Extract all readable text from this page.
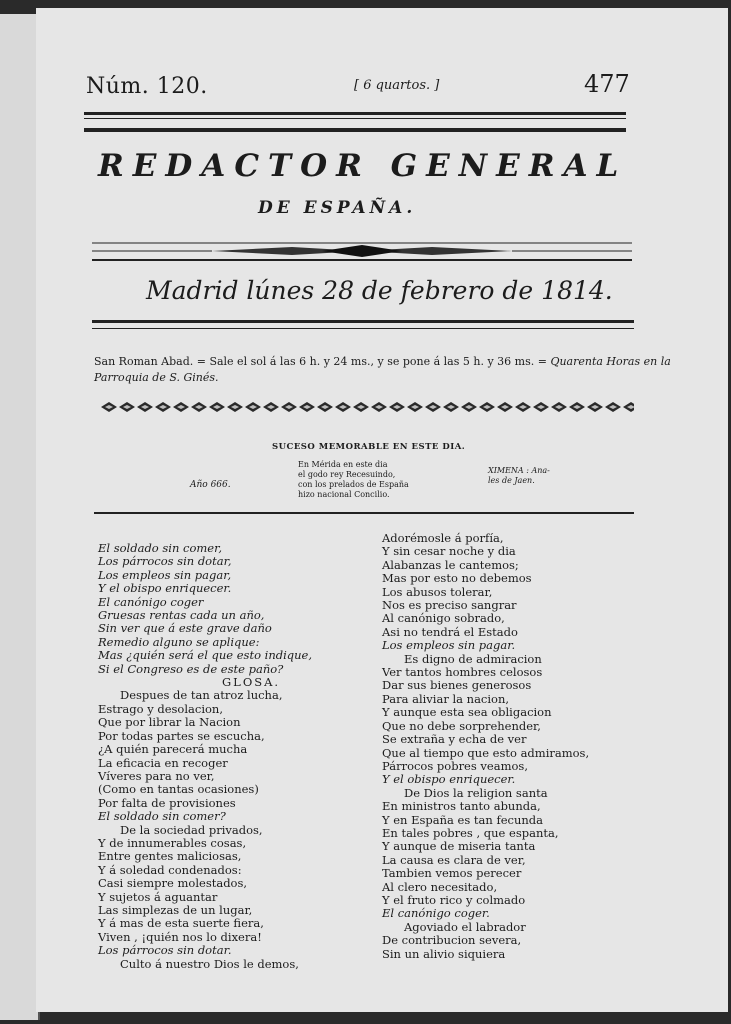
Núm. 120.	[ 6 quartos. ]	477
REDACTOR GENERAL
DE ESPAÑA.
Madrid lúnes 28 de febrero de 1814.
San Roman Abad. = Sale el sol á las 6 h. y 24 ms., y se pone á las 5 h. y 36 ms. = Quarenta Horas en la Parroquia de S. Ginés.
SUCESO MEMORABLE EN ESTE DIA.
Año 666.
En Mérida en este dia
el godo rey Recesuindo,
con los prelados de España
hizo nacional Concilio.
XIMENA : Ana-
les de Jaen.
El soldado sin comer,
Los párrocos sin dotar,
Los empleos sin pagar,
Y el obispo enriquecer.
El canónigo coger
Gruesas rentas cada un año,
Sin ver que á este grave daño
Remedio alguno se aplique:
Mas ¿quién será el que esto indique,
Si el Congreso es de este paño?
GLOSA.
Despues de tan atroz lucha,
Estrago y desolacion,
Que por librar la Nacion
Por todas partes se escucha,
¿A quién parecerá mucha
La eficacia en recoger
Víveres para no ver,
(Como en tantas ocasiones)
Por falta de provisiones
El soldado sin comer?
De la sociedad privados,
Y de innumerables cosas,
Entre gentes maliciosas,
Y á soledad condenados:
Casi siempre molestados,
Y sujetos á aguantar
Las simplezas de un lugar,
Y á mas de esta suerte fiera,
Viven , ¡quién nos lo dixera!
Los párrocos sin dotar.
Culto á nuestro Dios le demos,
Adorémosle á porfía,
Y sin cesar noche y dia
Alabanzas le cantemos;
Mas por esto no debemos
Los abusos tolerar,
Nos es preciso sangrar
Al canónigo sobrado,
Asi no tendrá el Estado
Los empleos sin pagar.
Es digno de admiracion
Ver tantos hombres celosos
Dar sus bienes generosos
Para aliviar la nacion,
Y aunque esta sea obligacion
Que no debe sorprehender,
Se extraña y echa de ver
Que al tiempo que esto admiramos,
Párrocos pobres veamos,
Y el obispo enriquecer.
De Dios la religion santa
En ministros tanto abunda,
Y en España es tan fecunda
En tales pobres , que espanta,
Y aunque de miseria tanta
La causa es clara de ver,
Tambien vemos perecer
Al clero necesitado,
Y el fruto rico y colmado
El canónigo coger.
Agoviado el labrador
De contribucion severa,
Sin un alivio siquiera
